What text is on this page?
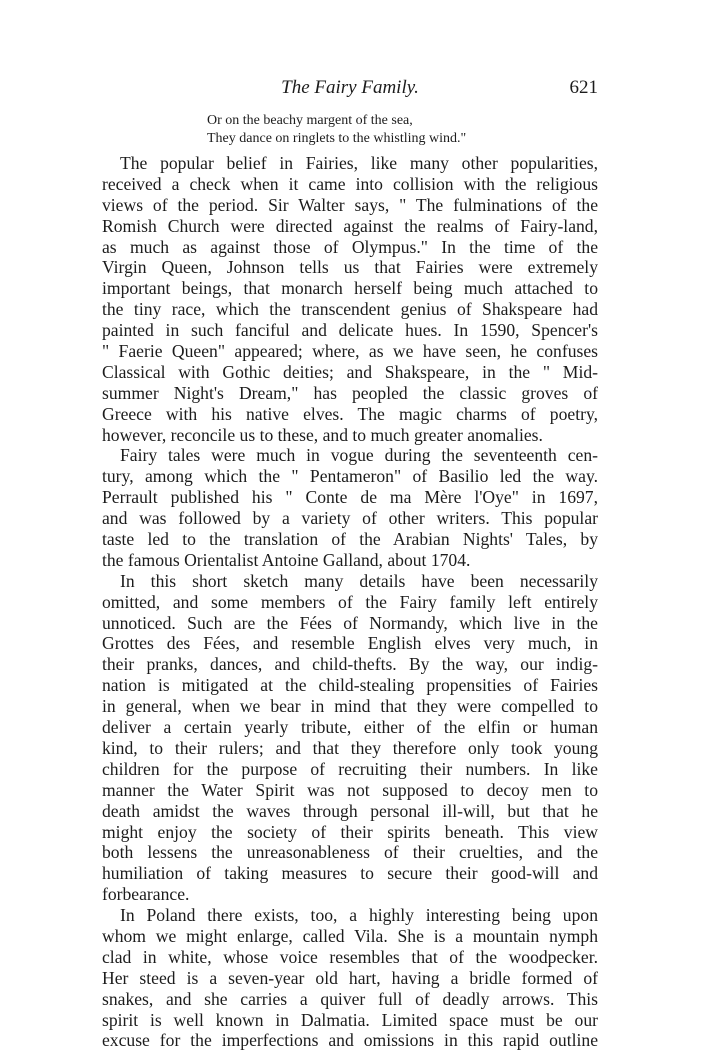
The Fairy Family.	621
Or on the beachy margent of the sea,
They dance on ringlets to the whistling wind."
The popular belief in Fairies, like many other popularities,
received a check when it came into collision with the religious
views of the period. Sir Walter says, " The fulminations of the
Romish Church were directed against the realms of Fairy-land,
as much as against those of Olympus." In the time of the
Virgin Queen, Johnson tells us that Fairies were extremely
important beings, that monarch herself being much attached to
the tiny race, which the transcendent genius of Shakspeare had
painted in such fanciful and delicate hues. In 1590, Spencer's
" Faerie Queen" appeared; where, as we have seen, he confuses
Classical with Gothic deities; and Shakspeare, in the " Mid-
summer Night's Dream," has peopled the classic groves of
Greece with his native elves. The magic charms of poetry,
however, reconcile us to these, and to much greater anomalies.
Fairy tales were much in vogue during the seventeenth cen-
tury, among which the " Pentameron" of Basilio led the way.
Perrault published his " Conte de ma Mère l'Oye" in 1697,
and was followed by a variety of other writers. This popular
taste led to the translation of the Arabian Nights' Tales, by
the famous Orientalist Antoine Galland, about 1704.
In this short sketch many details have been necessarily
omitted, and some members of the Fairy family left entirely
unnoticed. Such are the Fées of Normandy, which live in the
Grottes des Fées, and resemble English elves very much, in
their pranks, dances, and child-thefts. By the way, our indig-
nation is mitigated at the child-stealing propensities of Fairies
in general, when we bear in mind that they were compelled to
deliver a certain yearly tribute, either of the elfin or human
kind, to their rulers; and that they therefore only took young
children for the purpose of recruiting their numbers. In like
manner the Water Spirit was not supposed to decoy men to
death amidst the waves through personal ill-will, but that he
might enjoy the society of their spirits beneath. This view
both lessens the unreasonableness of their cruelties, and the
humiliation of taking measures to secure their good-will and
forbearance.
In Poland there exists, too, a highly interesting being upon
whom we might enlarge, called Vila. She is a mountain nymph
clad in white, whose voice resembles that of the woodpecker.
Her steed is a seven-year old hart, having a bridle formed of
snakes, and she carries a quiver full of deadly arrows. This
spirit is well known in Dalmatia. Limited space must be our
excuse for the imperfections and omissions in this rapid outline
